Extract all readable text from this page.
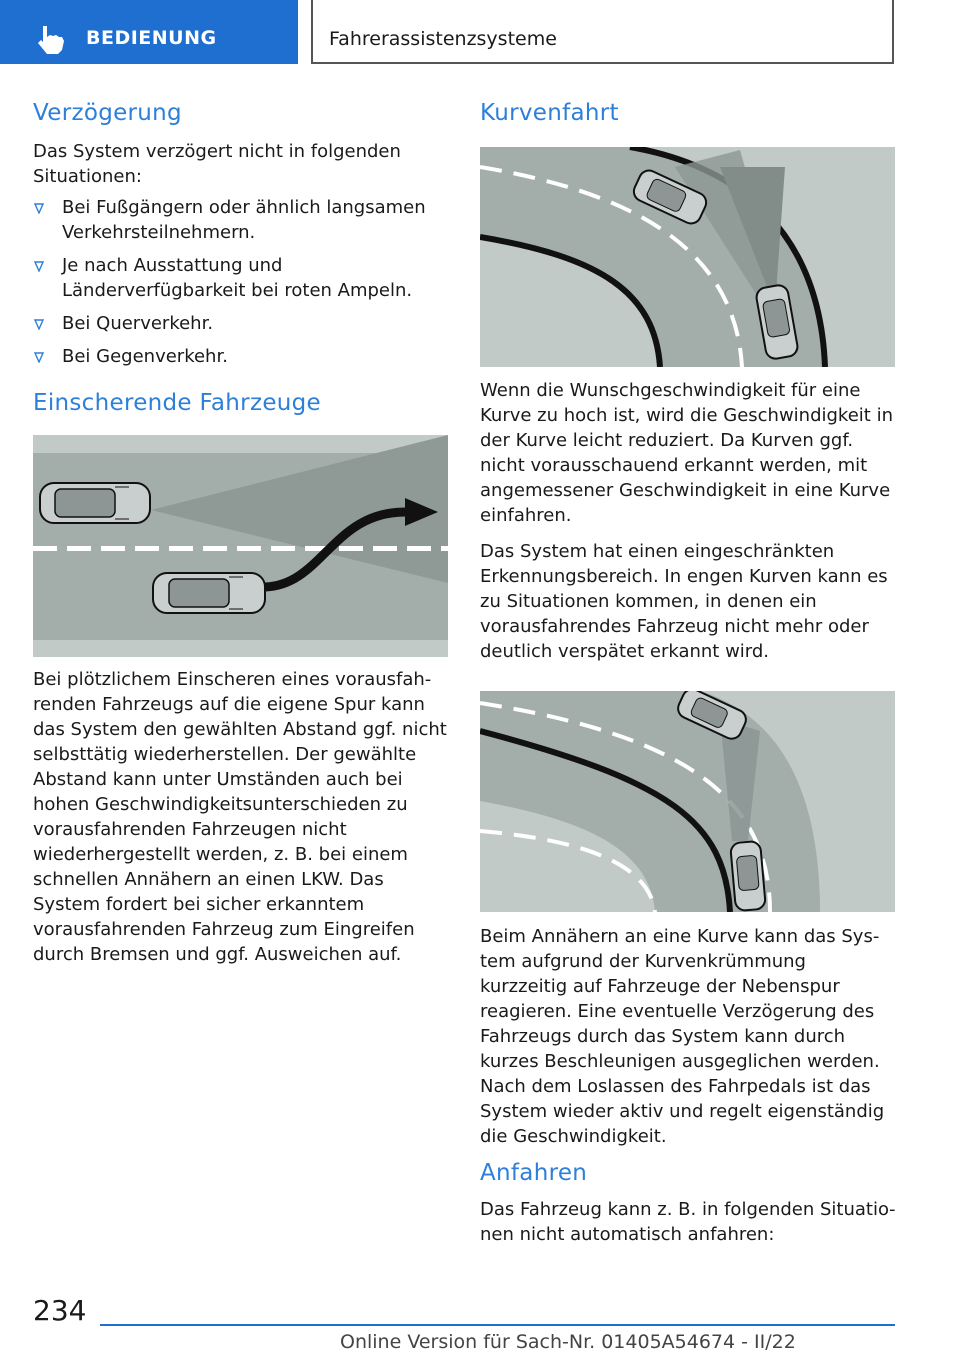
BEDIENUNG	Fahrerassistenzsysteme
Verzögerung

Das System verzögert nicht in folgenden Situationen:

Bei Fußgängern oder ähnlich langsamen Verkehrsteilnehmern.
Je nach Ausstattung und Länderverfügbarkeit bei roten Ampeln.
Bei Querverkehr.
Bei Gegenverkehr.
Einscherende Fahrzeuge

Bei plötzlichem Einscheren eines vorausfahrenden Fahrzeugs auf die eigene Spur kann das System den gewählten Abstand ggf. nicht selbsttätig wiederherstellen. Der gewählte Abstand kann unter Umständen auch bei hohen Geschwindigkeitsunterschieden zu vorausfahrenden Fahrzeugen nicht wiederhergestellt werden, z. B. bei einem schnellen Annähern an einen LKW. Das System fordert bei sicher erkanntem vorausfahrenden Fahrzeug zum Eingreifen durch Bremsen und ggf. Ausweichen auf.

Kurvenfahrt

Wenn die Wunschgeschwindigkeit für eine Kurve zu hoch ist, wird die Geschwindigkeit in der Kurve leicht reduziert. Da Kurven ggf. nicht vorausschauend erkannt werden, mit angemessener Geschwindigkeit in eine Kurve einfahren.

Das System hat einen eingeschränkten Erkennungsbereich. In engen Kurven kann es zu Situationen kommen, in denen ein vorausfahrendes Fahrzeug nicht mehr oder deutlich verspätet erkannt wird.

Beim Annähern an eine Kurve kann das System aufgrund der Kurvenkrümmung kurzzeitig auf Fahrzeuge der Nebenspur reagieren. Eine eventuelle Verzögerung des Fahrzeugs durch das System kann durch kurzes Beschleunigen ausgeglichen werden. Nach dem Loslassen des Fahrpedals ist das System wieder aktiv und regelt eigenständig die Geschwindigkeit.

Anfahren

Das Fahrzeug kann z. B. in folgenden Situationen nicht automatisch anfahren:

234
Online Version für Sach-Nr. 01405A54674 - II/22
